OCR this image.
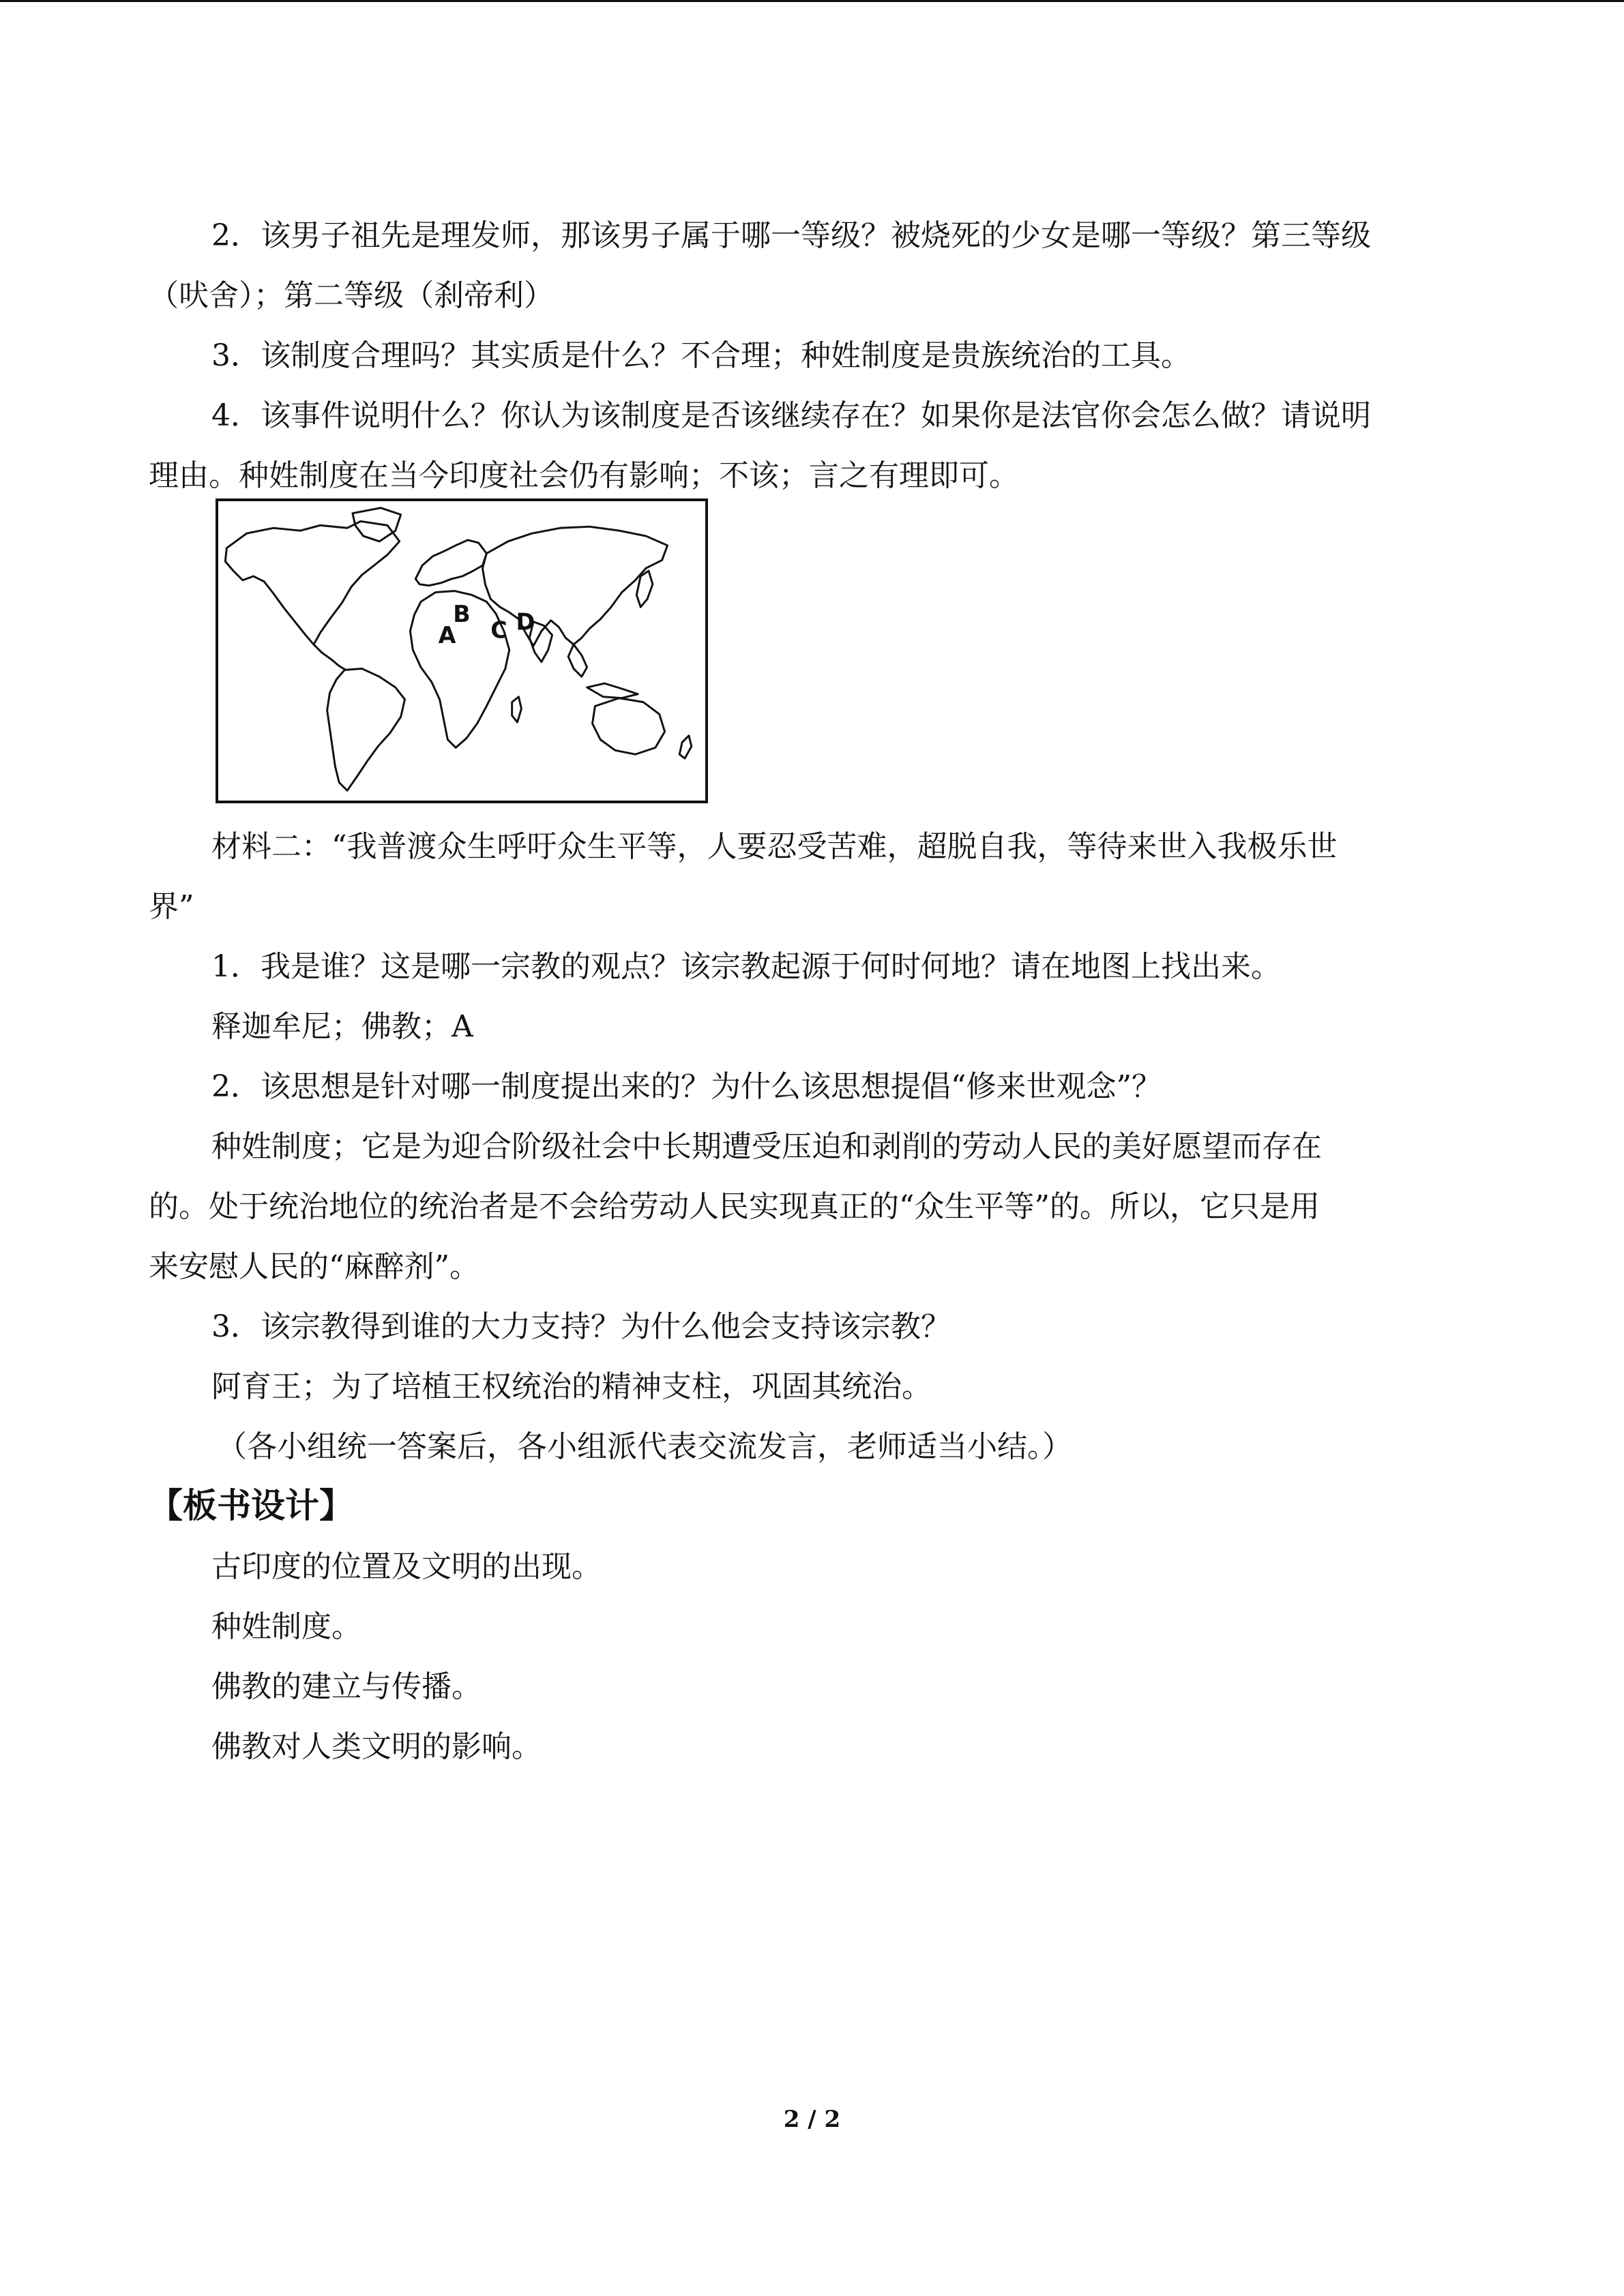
2．该男子祖先是理发师，那该男子属于哪一等级？被烧死的少女是哪一等级？第三等级

（吠舍）；第二等级（刹帝利）

3．该制度合理吗？其实质是什么？不合理；种姓制度是贵族统治的工具。

4．该事件说明什么？你认为该制度是否该继续存在？如果你是法官你会怎么做？请说明

理由。种姓制度在当今印度社会仍有影响；不该；言之有理即可。

A
B
C D

材料二：“我普渡众生呼吁众生平等，人要忍受苦难，超脱自我，等待来世入我极乐世

界”

1．我是谁？这是哪一宗教的观点？该宗教起源于何时何地？请在地图上找出来。

释迦牟尼；佛教；A

2．该思想是针对哪一制度提出来的？为什么该思想提倡“修来世观念”？

种姓制度；它是为迎合阶级社会中长期遭受压迫和剥削的劳动人民的美好愿望而存在

的。处于统治地位的统治者是不会给劳动人民实现真正的“众生平等”的。所以，它只是用

来安慰人民的“麻醉剂”。

3．该宗教得到谁的大力支持？为什么他会支持该宗教？

阿育王；为了培植王权统治的精神支柱，巩固其统治。

（各小组统一答案后，各小组派代表交流发言，老师适当小结。）

【板书设计】

古印度的位置及文明的出现。

种姓制度。

佛教的建立与传播。

佛教对人类文明的影响。

2 / 2
